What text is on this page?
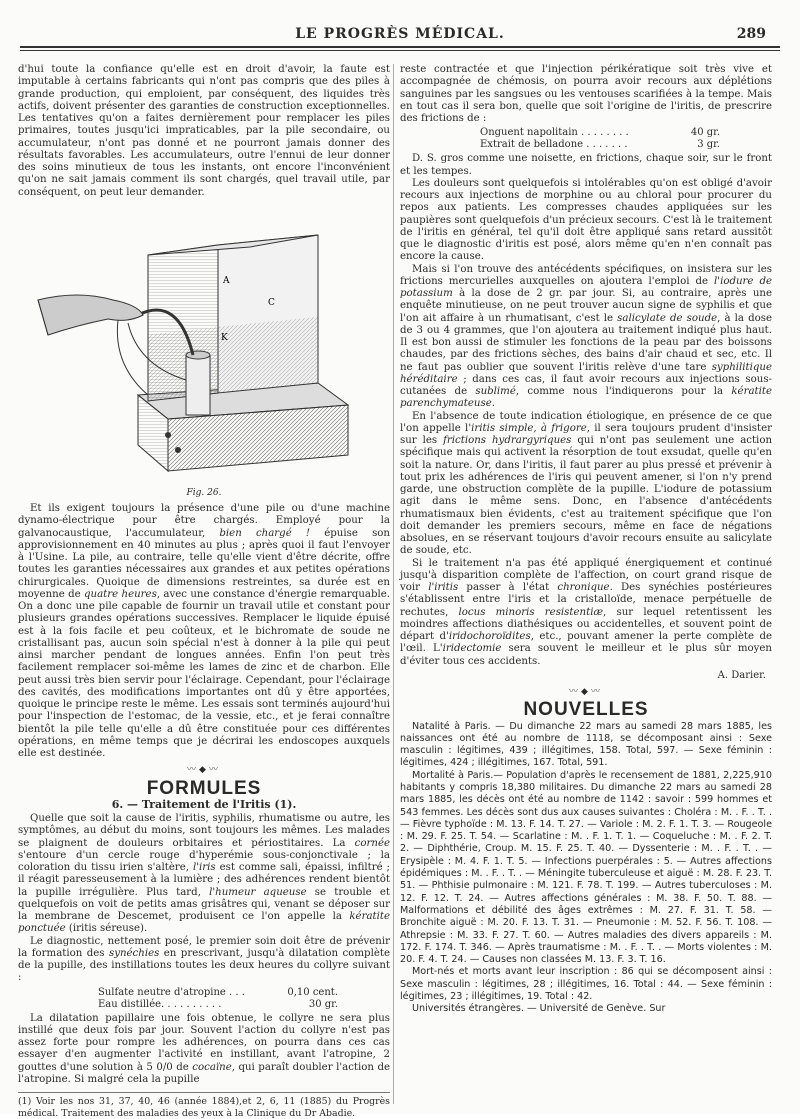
LE PROGRÈS MÉDICAL.	289

d'hui toute la confiance qu'elle est en droit d'avoir, la faute est imputable à certains fabricants qui n'ont pas compris que des piles à grande production, qui emploient, par conséquent, des liquides très actifs, doivent présenter des garanties de construction exceptionnelles. Les tentatives qu'on a faites dernièrement pour remplacer les piles primaires, toutes jusqu'ici impraticables, par la pile secondaire, ou accumulateur, n'ont pas donné et ne pourront jamais donner des résultats favorables. Les accumulateurs, outre l'ennui de leur donner des soins minutieux de tous les instants, ont encore l'inconvénient qu'on ne sait jamais comment ils sont chargés, quel travail utile, par conséquent, on peut leur demander.

A
C
K
Fig. 26.

Et ils exigent toujours la présence d'une pile ou d'une machine dynamo-électrique pour être chargés. Employé pour la galvanocaustique, l'accumulateur, bien chargé ! épuise son approvisionnement en 40 minutes au plus ; après quoi il faut l'envoyer à l'Usine. La pile, au contraire, telle qu'elle vient d'être décrite, offre toutes les garanties nécessaires aux grandes et aux petites opérations chirurgicales. Quoique de dimensions restreintes, sa durée est en moyenne de quatre heures, avec une constance d'énergie remarquable. On a donc une pile capable de fournir un travail utile et constant pour plusieurs grandes opérations successives. Remplacer le liquide épuisé est à la fois facile et peu coûteux, et le bichromate de soude ne cristallisant pas, aucun soin spécial n'est à donner à la pile qui peut ainsi marcher pendant de longues années. Enfin l'on peut très facilement remplacer soi-même les lames de zinc et de charbon. Elle peut aussi très bien servir pour l'éclairage. Cependant, pour l'éclairage des cavités, des modifications importantes ont dû y être apportées, quoique le principe reste le même. Les essais sont terminés aujourd'hui pour l'inspection de l'estomac, de la vessie, etc., et je ferai connaître bientôt la pile telle qu'elle a dû être constituée pour ces différentes opérations, en même temps que je décrirai les endoscopes auxquels elle est destinée.

〰◆〰
FORMULES
6. — Traitement de l'Iritis (1).

Quelle que soit la cause de l'iritis, syphilis, rhumatisme ou autre, les symptômes, au début du moins, sont toujours les mêmes. Les malades se plaignent de douleurs orbitaires et périostitaires. La cornée s'entoure d'un cercle rouge d'hyperémie sous-conjonctivale ; la coloration du tissu irien s'altère, l'iris est comme sali, épaissi, infiltré ; il réagit paresseusement à la lumière ; des adhérences rendent bientôt la pupille irrégulière. Plus tard, l'humeur aqueuse se trouble et quelquefois on voit de petits amas grisâtres qui, venant se déposer sur la membrane de Descemet, produisent ce l'on appelle la kératite ponctuée (iritis séreuse).

Le diagnostic, nettement posé, le premier soin doit être de prévenir la formation des synéchies en prescrivant, jusqu'à dilatation complète de la pupille, des instillations toutes les deux heures du collyre suivant :

Sulfate neutre d'atropine . . .	0,10 cent.
Eau distillée. . . . . . . . . .	30 gr.

La dilatation papillaire une fois obtenue, le collyre ne sera plus instillé que deux fois par jour. Souvent l'action du collyre n'est pas assez forte pour rompre les adhérences, on pourra dans ces cas essayer d'en augmenter l'activité en instillant, avant l'atropine, 2 gouttes d'une solution à 5 0/0 de cocaïne, qui paraît doubler l'action de l'atropine. Si malgré cela la pupille

(1) Voir les nos 31, 37, 40, 46 (année 1884),et 2, 6, 11 (1885) du Progrès médical. Traitement des maladies des yeux à la Clinique du Dr Abadie.

reste contractée et que l'injection périkératique soit très vive et accompagnée de chémosis, on pourra avoir recours aux déplétions sanguines par les sangsues ou les ventouses scarifiées à la tempe. Mais en tout cas il sera bon, quelle que soit l'origine de l'iritis, de prescrire des frictions de :

Onguent napolitain . . . . . . . .	40 gr.
Extrait de belladone . . . . . . .	3 gr.

D. S. gros comme une noisette, en frictions, chaque soir, sur le front et les tempes.

Les douleurs sont quelquefois si intolérables qu'on est obligé d'avoir recours aux injections de morphine ou au chloral pour procurer du repos aux patients. Les compresses chaudes appliquées sur les paupières sont quelquefois d'un précieux secours. C'est là le traitement de l'iritis en général, tel qu'il doit être appliqué sans retard aussitôt que le diagnostic d'iritis est posé, alors même qu'en n'en connaît pas encore la cause.

Mais si l'on trouve des antécédents spécifiques, on insistera sur les frictions mercurielles auxquelles on ajoutera l'emploi de l'iodure de potassium à la dose de 2 gr. par jour. Si, au contraire, après une enquête minutieuse, on ne peut trouver aucun signe de syphilis et que l'on ait affaire à un rhumatisant, c'est le salicylate de soude, à la dose de 3 ou 4 grammes, que l'on ajoutera au traitement indiqué plus haut. Il est bon aussi de stimuler les fonctions de la peau par des boissons chaudes, par des frictions sèches, des bains d'air chaud et sec, etc. Il ne faut pas oublier que souvent l'iritis relève d'une tare syphilitique héréditaire ; dans ces cas, il faut avoir recours aux injections sous-cutanées de sublimé, comme nous l'indiquerons pour la kératite parenchymateuse.

En l'absence de toute indication étiologique, en présence de ce que l'on appelle l'iritis simple, à frigore, il sera toujours prudent d'insister sur les frictions hydrargyriques qui n'ont pas seulement une action spécifique mais qui activent la résorption de tout exsudat, quelle qu'en soit la nature. Or, dans l'iritis, il faut parer au plus pressé et prévenir à tout prix les adhérences de l'iris qui peuvent amener, si l'on n'y prend garde, une obstruction complète de la pupille. L'iodure de potassium agit dans le même sens. Donc, en l'absence d'antécédents rhumatismaux bien évidents, c'est au traitement spécifique que l'on doit demander les premiers secours, même en face de négations absolues, en se réservant toujours d'avoir recours ensuite au salicylate de soude, etc.

Si le traitement n'a pas été appliqué énergiquement et continué jusqu'à disparition complète de l'affection, on court grand risque de voir l'iritis passer à l'état chronique. Des synéchies postérieures s'établissent entre l'iris et la cristalloïde, menace perpétuelle de rechutes, locus minoris resistentiæ, sur lequel retentissent les moindres affections diathésiques ou accidentelles, et souvent point de départ d'iridochoroïdites, etc., pouvant amener la perte complète de l'œil. L'iridectomie sera souvent le meilleur et le plus sûr moyen d'éviter tous ces accidents.

A. Darier.
〰◆〰
NOUVELLES

Natalité à Paris. — Du dimanche 22 mars au samedi 28 mars 1885, les naissances ont été au nombre de 1118, se décomposant ainsi : Sexe masculin : légitimes, 439 ; illégitimes, 158. Total, 597. — Sexe féminin : légitimes, 424 ; illégitimes, 167. Total, 591.

Mortalité à Paris.— Population d'après le recensement de 1881, 2,225,910 habitants y compris 18,380 militaires. Du dimanche 22 mars au samedi 28 mars 1885, les décès ont été au nombre de 1142 : savoir : 599 hommes et 543 femmes. Les décès sont dus aux causes suivantes : Choléra : M. . F. . T. . — Fièvre typhoïde : M. 13. F. 14. T. 27. — Variole : M. 2. F. 1. T. 3. — Rougeole : M. 29. F. 25. T. 54. — Scarlatine : M. . F. 1. T. 1. — Coqueluche : M. . F. 2. T. 2. — Diphthérie, Croup. M. 15. F. 25. T. 40. — Dyssenterie : M. . F. . T. . — Erysipèle : M. 4. F. 1. T. 5. — Infections puerpérales : 5. — Autres affections épidémiques : M. . F. . T. . — Méningite tuberculeuse et aiguë : M. 28. F. 23. T. 51. — Phthisie pulmonaire : M. 121. F. 78. T. 199. — Autres tuberculoses : M. 12. F. 12. T. 24. — Autres affections générales : M. 38. F. 50. T. 88. — Malformations et débilité des âges extrêmes : M. 27. F. 31. T. 58. — Bronchite aiguë : M. 20. F. 13. T. 31. — Pneumonie : M. 52. F. 56. T. 108. — Athrepsie : M. 33. F. 27. T. 60. — Autres maladies des divers appareils : M. 172. F. 174. T. 346. — Après traumatisme : M. . F. . T. . — Morts violentes : M. 20. F. 4. T. 24. — Causes non classées M. 13. F. 3. T. 16.

Mort-nés et morts avant leur inscription : 86 qui se décomposent ainsi : Sexe masculin : légitimes, 28 ; illégitimes, 16. Total : 44. — Sexe féminin : légitimes, 23 ; illégitimes, 19. Total : 42.

Universités étrangères. — Université de Genève. Sur
